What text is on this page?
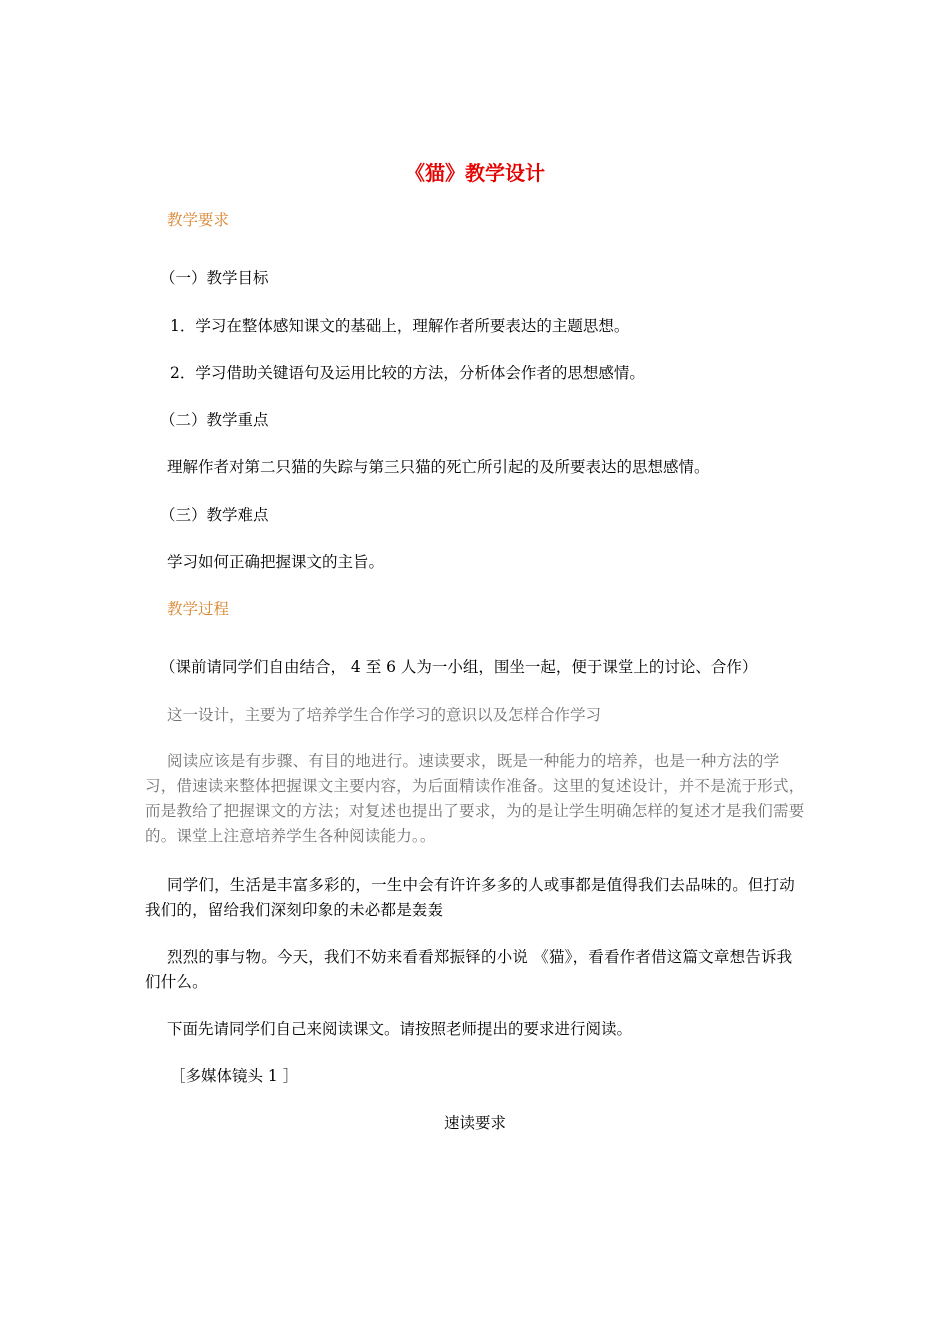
《猫》教学设计
教学要求
（一）教学目标
1．学习在整体感知课文的基础上，理解作者所要表达的主题思想。
2．学习借助关键语句及运用比较的方法，分析体会作者的思想感情。
（二）教学重点
理解作者对第二只猫的失踪与第三只猫的死亡所引起的及所要表达的思想感情。
（三）教学难点
学习如何正确把握课文的主旨。
教学过程
（课前请同学们自由结合， 4 至 6 人为一小组，围坐一起，便于课堂上的讨论、合作）
这一设计，主要为了培养学生合作学习的意识以及怎样合作学习
阅读应该是有步骤、有目的地进行。速读要求，既是一种能力的培养，也是一种方法的学习，借速读来整体把握课文主要内容，为后面精读作准备。这里的复述设计，并不是流于形式，而是教给了把握课文的方法；对复述也提出了要求，为的是让学生明确怎样的复述才是我们需要的。课堂上注意培养学生各种阅读能力。。
同学们，生活是丰富多彩的，一生中会有许许多多的人或事都是值得我们去品味的。但打动我们的，留给我们深刻印象的未必都是轰轰
烈烈的事与物。今天，我们不妨来看看郑振铎的小说 《猫》，看看作者借这篇文章想告诉我们什么。
下面先请同学们自己来阅读课文。请按照老师提出的要求进行阅读。
［多媒体镜头 1 ］
速读要求
